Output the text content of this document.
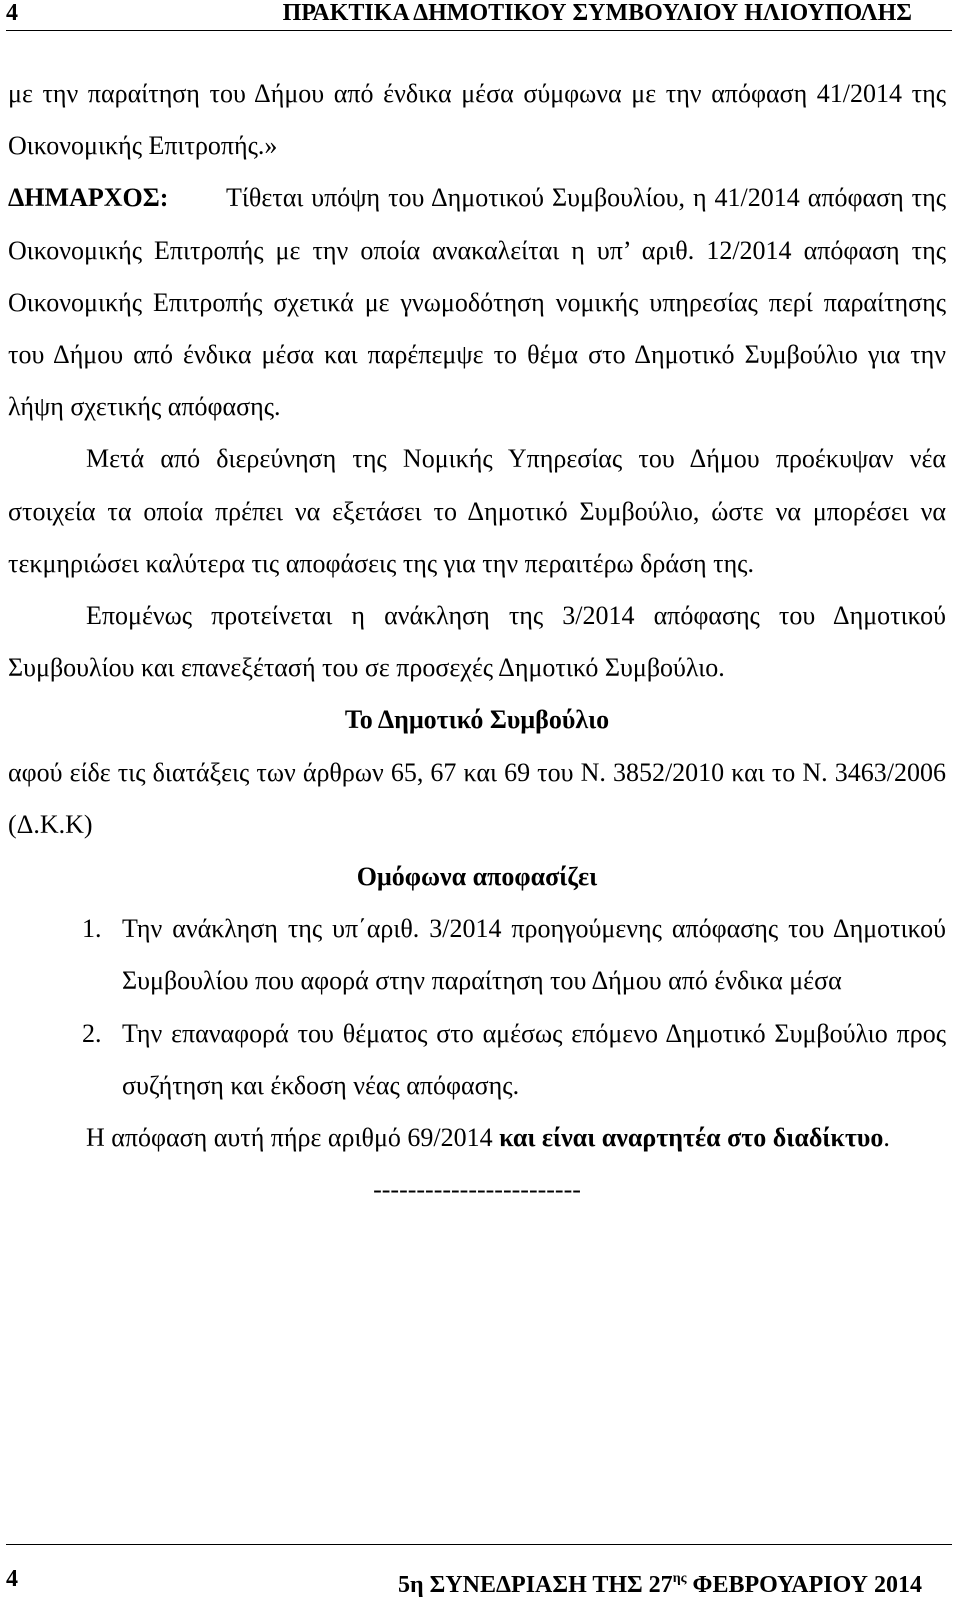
4	ΠΡΑΚΤΙΚΑ ΔΗΜΟΤΙΚΟΥ ΣΥΜΒΟΥΛΙΟΥ ΗΛΙΟΥΠΟΛΗΣ

με την παραίτηση του Δήμου από ένδικα μέσα σύμφωνα με την απόφαση 41/2014 της Οικονομικής Επιτροπής.»

ΔΗΜΑΡΧΟΣ: Τίθεται υπόψη του Δημοτικού Συμβουλίου, η 41/2014 απόφαση της Οικονομικής Επιτροπής με την οποία ανακαλείται η υπ’ αριθ. 12/2014 απόφαση της Οικονομικής Επιτροπής σχετικά με γνωμοδότηση νομικής υπηρεσίας περί παραίτησης του Δήμου από ένδικα μέσα και παρέπεμψε το θέμα στο Δημοτικό Συμβούλιο για την λήψη σχετικής απόφασης.

Μετά από διερεύνηση της Νομικής Υπηρεσίας του Δήμου προέκυψαν νέα στοιχεία τα οποία πρέπει να εξετάσει το Δημοτικό Συμβούλιο, ώστε να μπορέσει να τεκμηριώσει καλύτερα τις αποφάσεις της για την περαιτέρω δράση της.

Επομένως προτείνεται η ανάκληση της 3/2014 απόφασης του Δημοτικού Συμβουλίου και επανεξέτασή του σε προσεχές Δημοτικό Συμβούλιο.

Το Δημοτικό Συμβούλιο

αφού είδε τις διατάξεις των άρθρων 65, 67 και 69 του Ν. 3852/2010 και το Ν. 3463/2006 (Δ.Κ.Κ)

Ομόφωνα αποφασίζει

1. Την ανάκληση της υπ΄αριθ. 3/2014 προηγούμενης απόφασης του Δημοτικού Συμβουλίου που αφορά στην παραίτηση του Δήμου από ένδικα μέσα
2. Την επαναφορά του θέματος στο αμέσως επόμενο Δημοτικό Συμβούλιο προς συζήτηση και έκδοση νέας απόφασης.

Η απόφαση αυτή πήρε αριθμό 69/2014 και είναι αναρτητέα στο διαδίκτυο.

------------------------

4	5η ΣΥΝΕΔΡΙΑΣΗ ΤΗΣ $27^{\eta\varsigma}$ ΦΕΒΡΟΥΑΡΙΟΥ 2014
